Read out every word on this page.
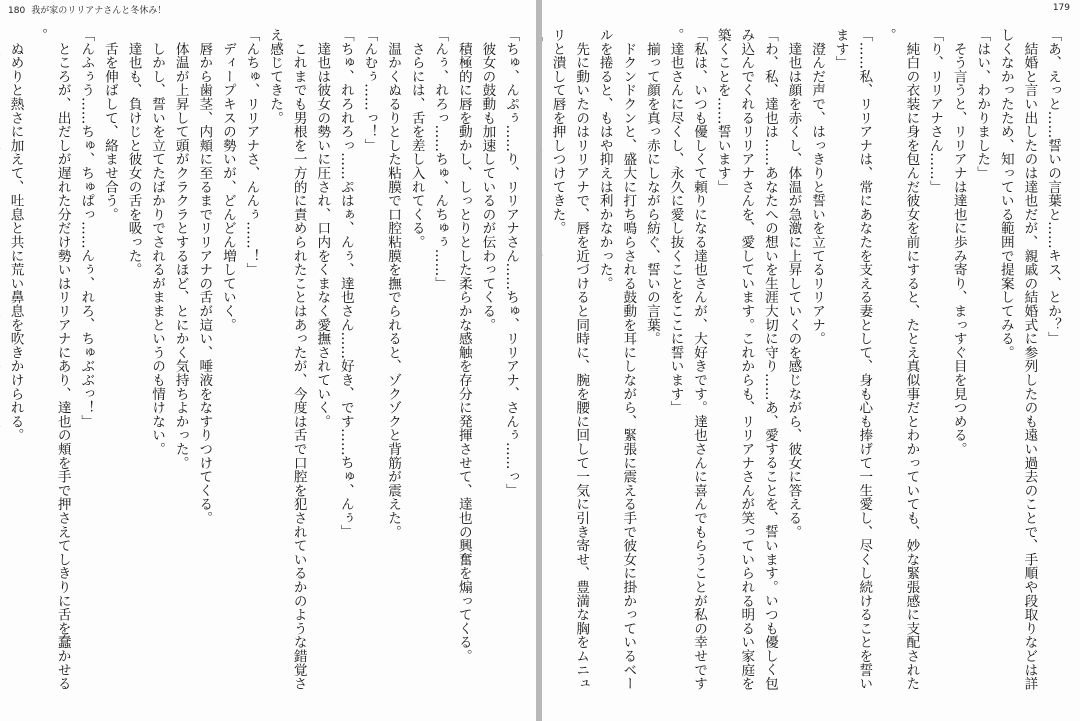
180 我が家のリリアナさんと冬休み！

「ちゅ、んぷぅ……り、リリアナさん……ちゅ、リリアナ、さんぅ……っ」

　彼女の鼓動も加速しているのが伝わってくる。

　積極的に唇を動かし、しっとりとした柔らかな感触を存分に発揮させて、達也の興奮を煽ってくる。

「んぅ、れろっ……ちゅ、んちゅぅ……」

　さらには、舌を差し入れてくる。

　温かくぬるりとした粘膜で口腔粘膜を撫でられると、ゾクゾクと背筋が震えた。

「んむぅ……っ！」

「ちゅ、れろれろっ……ぷはぁ、んぅ、達也さん……好き、です……ちゅ、んぅ」

　達也は彼女の勢いに圧され、口内をくまなく愛撫されていく。

　これまでも男根を一方的に責められたことはあったが、今度は舌で口腔を犯されているかのような錯覚さ
え感じてきた。

「んちゅ、リリアナさ、んんぅ……！」

　ディープキスの勢いが、どんどん増していく。

　唇から歯茎、内頬に至るまでリリアナの舌が這い、唾液をなすりつけてくる。

　体温が上昇して頭がクラクラとするほど、とにかく気持ちよかった。

　しかし、誓いを立てたばかりでされるがままというのも情けない。

　達也も、負けじと彼女の舌を吸った。

　舌を伸ばして、絡ませ合う。

「んふぅう……ちゅ、ちゅぱっ……んぅ、れろ、ちゅぶぶっ！」

　ところが、出だしが遅れた分だけ勢いはリリアナにあり、達也の頬を手で押さえてしきりに舌を蠢かせる
。

　ぬめりと熱さに加えて、吐息と共に荒い鼻息を吹きかけられる。

179

「あ、えっと……誓いの言葉と……キス、とか？」

　結婚と言い出したのは達也だが、親戚の結婚式に参列したのも遠い過去のことで、手順や段取りなどは詳
しくなかったため、知っている範囲で提案してみる。

「はい、わかりました」

　そう言うと、リリアナは達也に歩み寄り、まっすぐ目を見つめる。

「り、リリアナさん……」

　純白の衣装に身を包んだ彼女を前にすると、たとえ真似事だとわかっていても、妙な緊張感に支配された
。

「……私、リリアナは、常にあなたを支える妻として、身も心も捧げて一生愛し、尽くし続けることを誓い
ます」

　澄んだ声で、はっきりと誓いを立てるリリアナ。

　達也は顔を赤くし、体温が急激に上昇していくのを感じながら、彼女に答える。

「わ、私、達也は……あなたへの想いを生涯大切に守り……あ、愛することを、誓います。いつも優しく包
み込んでくれるリリアナさんを、愛しています。これからも、リリアナさんが笑っていられる明るい家庭を
築くことを……誓います」

「私は、いつも優しくて頼りになる達也さんが、大好きです。達也さんに喜んでもらうことが私の幸せです
。達也さんに尽くし、永久に愛し抜くことをここに誓います」

　揃って顔を真っ赤にしながら紡ぐ、誓いの言葉。

　ドクンドクンと、盛大に打ち鳴らされる鼓動を耳にしながら、緊張に震える手で彼女に掛かっているベー
ルを捲ると、もはや抑えは利かなかった。

　先に動いたのはリリアナで、唇を近づけると同時に、腕を腰に回して一気に引き寄せ、豊満な胸をムニュ
リと潰して唇を押しつけてきた。
